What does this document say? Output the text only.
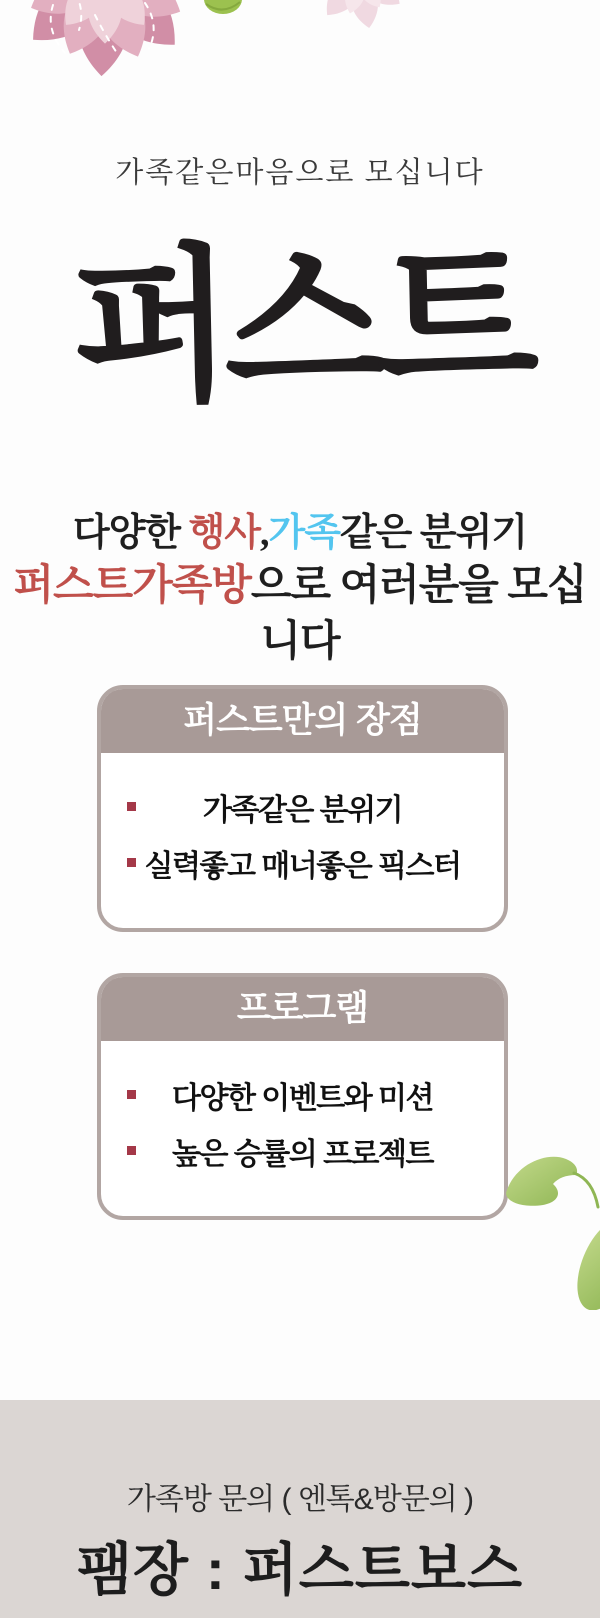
가족같은마음으로 모십니다
퍼스트
다양한 행사,가족같은 분위기
퍼스트가족방으로 여러분을 모십니다
퍼스트만의 장점
가족같은 분위기
실력좋고 매너좋은 픽스터
프로그램
다양한 이벤트와 미션
높은 승률의 프로젝트
가족방 문의 ( 엔톡&방문의 )
팸장 : 퍼스트보스
